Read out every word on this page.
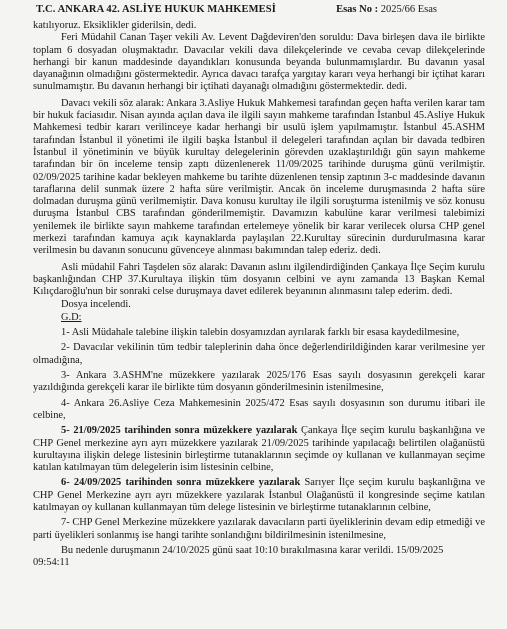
T.C. ANKARA 42. ASLİYE HUKUK MAHKEMESİ	Esas No : 2025/66 Esas

katılıyoruz. Eksiklikler giderilsin, dedi.

Feri Müdahil Canan Taşer vekili Av. Levent Dağdeviren'den soruldu: Dava birleşen dava ile birlikte toplam 6 dosyadan oluşmaktadır. Davacılar vekili dava dilekçelerinde ve cevaba cevap dilekçelerinde herhangi bir kanun maddesinde dayandıkları konusunda beyanda bulunmamışlardır. Bu davanın yasal dayanağının olmadığını göstermektedir. Ayrıca davacı tarafça yargıtay kararı veya herhangi bir içtihat kararı sunulmamıştır. Bu davanın herhangi bir içtihati dayanağı olmadığını göstermektedir. dedi.

Davacı vekili söz alarak: Ankara 3.Asliye Hukuk Mahkemesi tarafından geçen hafta verilen karar tam bir hukuk faciasıdır. Nisan ayında açılan dava ile ilgili sayın mahkeme tarafından İstanbul 45.Asliye Hukuk Mahkemesi tedbir kararı verilinceye kadar herhangi bir usulü işlem yapılmamıştır. İstanbul 45.ASHM tarafından İstanbul il yönetimi ile ilgili başka İstanbul il delegeleri tarafından açılan bir davada tedbiren İstanbul il yönetiminin ve büyük kurultay delegelerinin görevden uzaklaştırıldığı gün sayın mahkeme tarafından bir ön inceleme tensip zaptı düzenlenerek 11/09/2025 tarihinde duruşma günü verilmiştir. 02/09/2025 tarihine kadar bekleyen mahkeme bu tarihte düzenlenen tensip zaptının 3-c maddesinde davanın taraflarına delil sunmak üzere 2 hafta süre verilmiştir. Ancak ön inceleme duruşmasında 2 hafta süre dolmadan duruşma günü verilmemiştir. Dava konusu kurultay ile ilgili soruşturma istenilmiş ve söz konusu duruşma İstanbul CBS tarafından gönderilmemiştir. Davamızın kabulüne karar verilmesi talebimizi yenilemek ile birlikte sayın mahkeme tarafından ertelemeye yönelik bir karar verilecek olursa CHP genel merkezi tarafından kamuya açık kaynaklarda paylaşılan 22.Kurultay sürecinin durdurulmasına karar verilmesin bu davanın sonucunu güvenceye alınması bakımından talep ederiz. dedi.

Asli müdahil Fahri Taşdelen söz alarak: Davanın aslını ilgilendirdiğinden Çankaya İlçe Seçim kurulu başkanlığından CHP 37.Kurultaya ilişkin tüm dosyanın celbini ve aynı zamanda 13 Başkan Kemal Kılıçdaroğlu'nun bir sonraki celse duruşmaya davet edilerek beyanının alınmasını talep ederim. dedi.

Dosya incelendi.

G.D:

1- Asli Müdahale talebine ilişkin talebin dosyamızdan ayrılarak farklı bir esasa kaydedilmesine,

2- Davacılar vekilinin tüm tedbir taleplerinin daha önce değerlendirildiğinden karar verilmesine yer olmadığına,

3- Ankara 3.ASHM'ne müzekkere yazılarak 2025/176 Esas sayılı dosyasının gerekçeli karar yazıldığında gerekçeli karar ile birlikte tüm dosyanın gönderilmesinin istenilmesine,

4- Ankara 26.Asliye Ceza Mahkemesinin 2025/472 Esas sayılı dosyasının son durumu itibari ile celbine,

5- 21/09/2025 tarihinden sonra müzekkere yazılarak Çankaya İlçe seçim kurulu başkanlığına ve CHP Genel merkezine ayrı ayrı müzekkere yazılarak 21/09/2025 tarihinde yapılacağı belirtilen olağanüstü kurultayına ilişkin delege listesinin birleştirme tutanaklarının seçimde oy kullanan ve kullanmayan seçime katılan katılmayan tüm delegelerin isim listesinin celbine,

6- 24/09/2025 tarihinden sonra müzekkere yazılarak Sarıyer İlçe seçim kurulu başkanlığına ve CHP Genel Merkezine ayrı ayrı müzekkere yazılarak İstanbul Olağanüstü il kongresinde seçime katılan katılmayan oy kullanan kullanmayan tüm delege listesinin ve birleştirme tutanaklarının celbine,

7- CHP Genel Merkezine müzekkere yazılarak davacıların parti üyeliklerinin devam edip etmediği ve parti üyelikleri sonlanmış ise hangi tarihte sonlandığını bildirilmesinin istenilmesine,

Bu nedenle duruşmanın 24/10/2025 günü saat 10:10 bırakılmasına karar verildi. 15/09/2025

09:54:11
